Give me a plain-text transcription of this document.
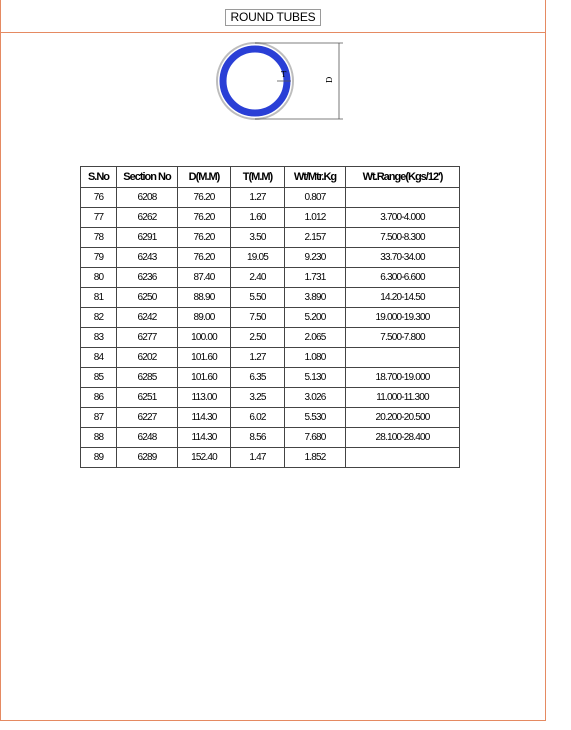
ROUND TUBES
T
D
S.No	Section No	D(M.M)	T(M.M)	Wt/Mtr.Kg	Wt.Range(Kgs/12')
76	6208	76.20	1.27	0.807	
77	6262	76.20	1.60	1.012	3.700-4.000
78	6291	76.20	3.50	2.157	7.500-8.300
79	6243	76.20	19.05	9.230	33.70-34.00
80	6236	87.40	2.40	1.731	6.300-6.600
81	6250	88.90	5.50	3.890	14.20-14.50
82	6242	89.00	7.50	5.200	19.000-19.300
83	6277	100.00	2.50	2.065	7.500-7.800
84	6202	101.60	1.27	1.080	
85	6285	101.60	6.35	5.130	18.700-19.000
86	6251	113.00	3.25	3.026	11.000-11.300
87	6227	114.30	6.02	5.530	20.200-20.500
88	6248	114.30	8.56	7.680	28.100-28.400
89	6289	152.40	1.47	1.852	
